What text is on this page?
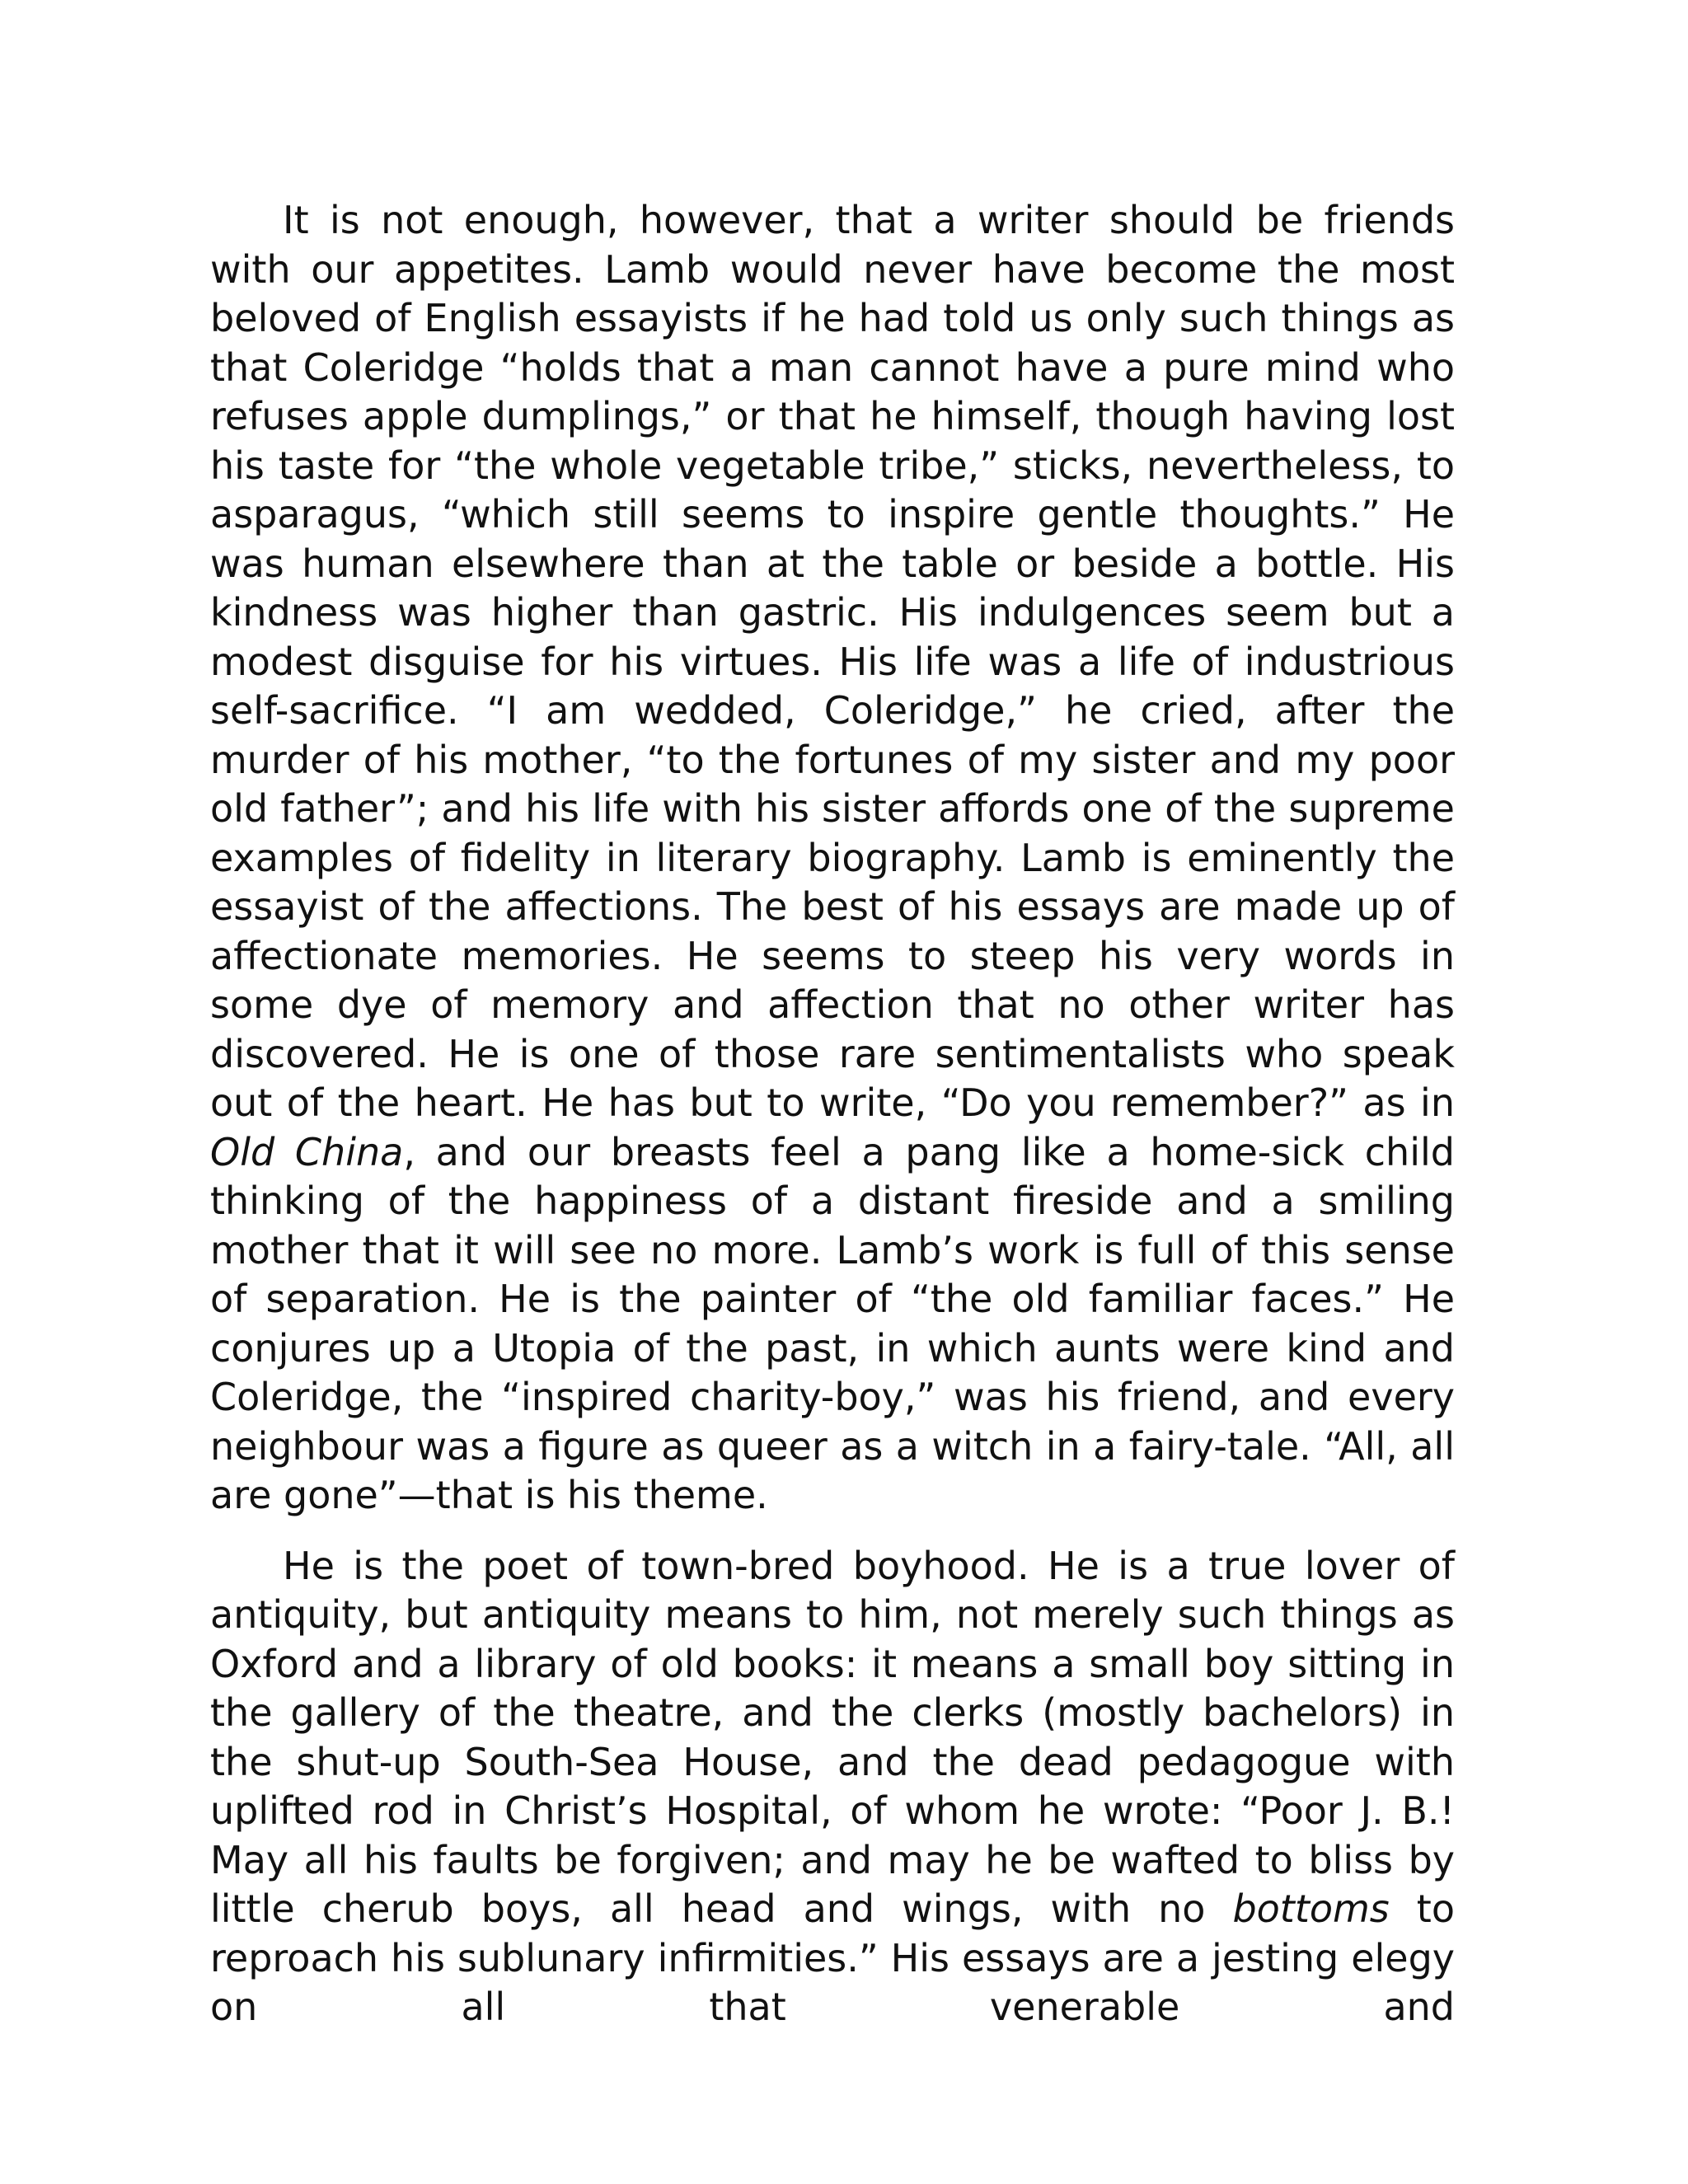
It is not enough, however, that a writer should be friends with our appetites. Lamb would never have become the most beloved of English essayists if he had told us only such things as that Coleridge “holds that a man cannot have a pure mind who refuses apple dumplings,” or that he himself, though having lost his taste for “the whole vegetable tribe,” sticks, nevertheless, to asparagus, “which still seems to inspire gentle thoughts.” He was human elsewhere than at the table or beside a bottle. His kindness was higher than gastric. His indulgences seem but a modest disguise for his virtues. His life was a life of industrious self-sacrifice. “I am wedded, Coleridge,” he cried, after the murder of his mother, “to the fortunes of my sister and my poor old father”; and his life with his sister affords one of the supreme examples of fidelity in literary biography. Lamb is eminently the essayist of the affections. The best of his essays are made up of affectionate memories. He seems to steep his very words in some dye of memory and affection that no other writer has discovered. He is one of those rare sentimentalists who speak out of the heart. He has but to write, “Do you remember?” as in Old China, and our breasts feel a pang like a home-sick child thinking of the happiness of a distant fireside and a smiling mother that it will see no more. Lamb’s work is full of this sense of separation. He is the painter of “the old familiar faces.” He conjures up a Utopia of the past, in which aunts were kind and Coleridge, the “inspired charity-boy,” was his friend, and every neighbour was a figure as queer as a witch in a fairy-tale. “All, all are gone”—that is his theme.

He is the poet of town-bred boyhood. He is a true lover of antiquity, but antiquity means to him, not merely such things as Oxford and a library of old books: it means a small boy sitting in the gallery of the theatre, and the clerks (mostly bachelors) in the shut-up South-Sea House, and the dead pedagogue with uplifted rod in Christ’s Hospital, of whom he wrote: “Poor J. B.! May all his faults be forgiven; and may he be wafted to bliss by little cherub boys, all head and wings, with no bottoms to reproach his sublunary infirmities.” His essays are a jesting elegy on all that venerable and
